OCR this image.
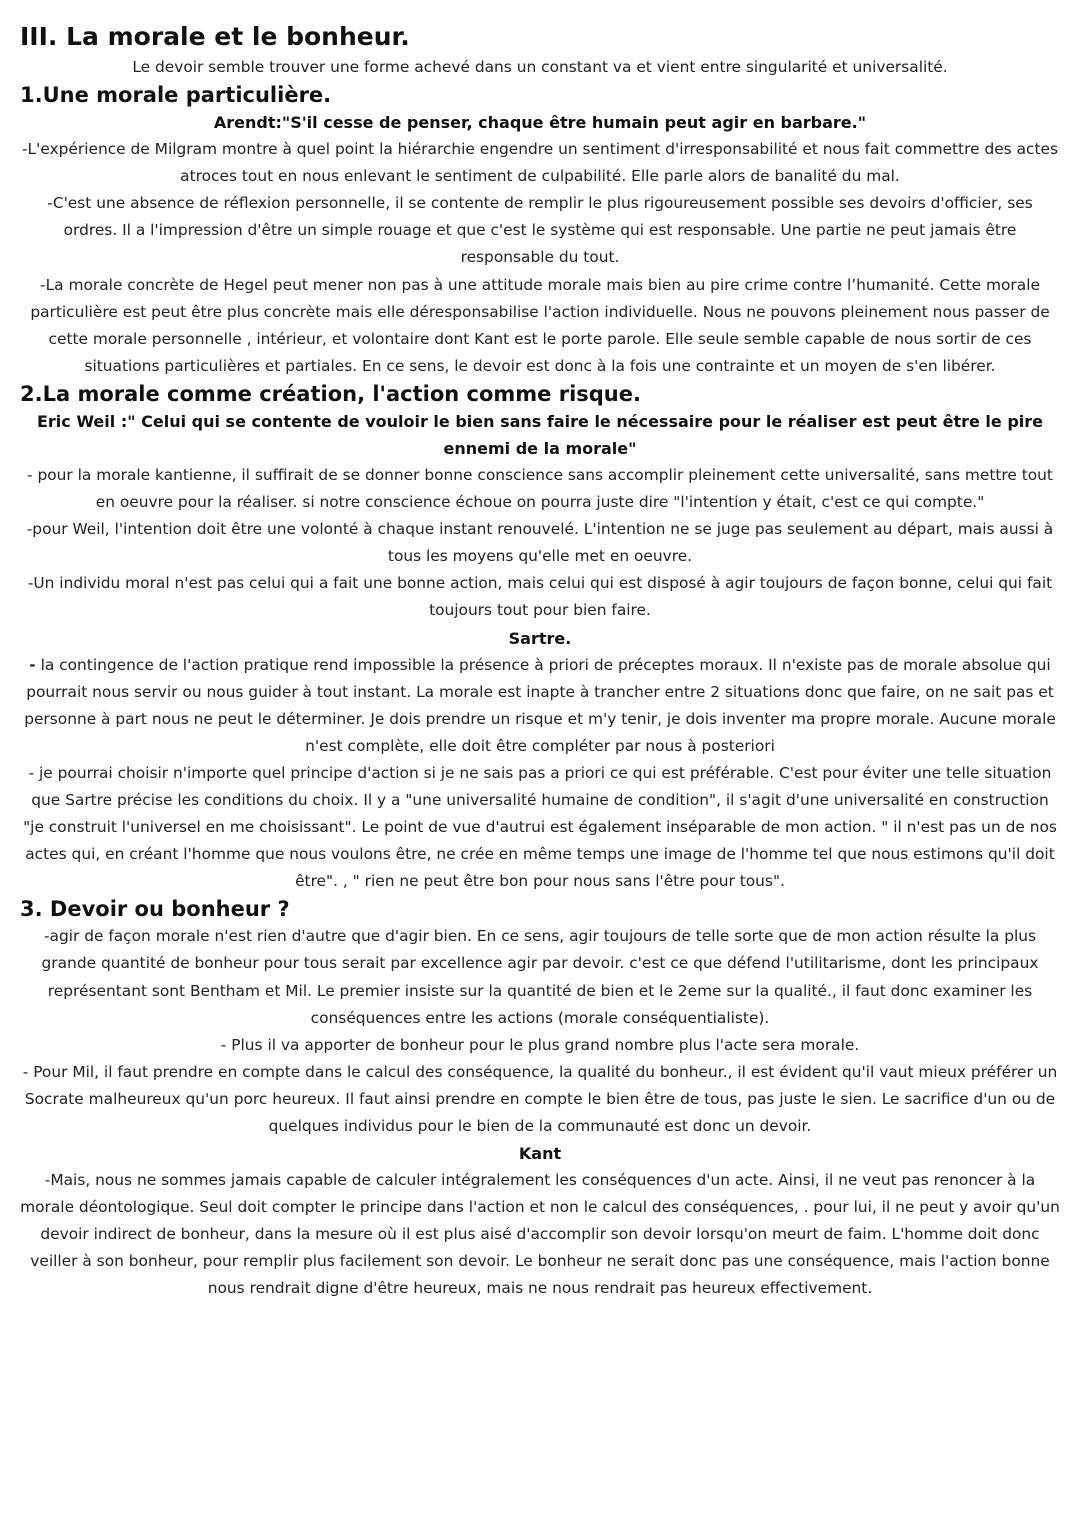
III. La morale et le bonheur.

Le devoir semble trouver une forme achevé dans un constant va et vient entre singularité et universalité.

1.Une morale particulière.

Arendt:"S'il cesse de penser, chaque être humain peut agir en barbare."

-L'expérience de Milgram montre à quel point la hiérarchie engendre un sentiment d'irresponsabilité et nous fait commettre des actes atroces tout en nous enlevant le sentiment de culpabilité. Elle parle alors de banalité du mal.

-C'est une absence de réflexion personnelle, il se contente de remplir le plus rigoureusement possible ses devoirs d'officier, ses ordres. Il a l'impression d'être un simple rouage et que c'est le système qui est responsable. Une partie ne peut jamais être responsable du tout.

-La morale concrète de Hegel peut mener non pas à une attitude morale mais bien au pire crime contre l’humanité. Cette morale particulière est peut être plus concrète mais elle déresponsabilise l'action individuelle. Nous ne pouvons pleinement nous passer de cette morale personnelle , intérieur, et volontaire dont Kant est le porte parole. Elle seule semble capable de nous sortir de ces situations particulières et partiales. En ce sens, le devoir est donc à la fois une contrainte et un moyen de s'en libérer.

2.La morale comme création, l'action comme risque.

Eric Weil :" Celui qui se contente de vouloir le bien sans faire le nécessaire pour le réaliser est peut être le pire ennemi de la morale"

- pour la morale kantienne, il suffirait de se donner bonne conscience sans accomplir pleinement cette universalité, sans mettre tout en oeuvre pour la réaliser. si notre conscience échoue on pourra juste dire "l'intention y était, c'est ce qui compte."

-pour Weil, l'intention doit être une volonté à chaque instant renouvelé. L'intention ne se juge pas seulement au départ, mais aussi à tous les moyens qu'elle met en oeuvre.

-Un individu moral n'est pas celui qui a fait une bonne action, mais celui qui est disposé à agir toujours de façon bonne, celui qui fait toujours tout pour bien faire.

Sartre.

- la contingence de l'action pratique rend impossible la présence à priori de préceptes moraux. Il n'existe pas de morale absolue qui pourrait nous servir ou nous guider à tout instant. La morale est inapte à trancher entre 2 situations donc que faire, on ne sait pas et personne à part nous ne peut le déterminer. Je dois prendre un risque et m'y tenir, je dois inventer ma propre morale. Aucune morale n'est complète, elle doit être compléter par nous à posteriori

- je pourrai choisir n'importe quel principe d'action si je ne sais pas a priori ce qui est préférable. C'est pour éviter une telle situation que Sartre précise les conditions du choix. Il y a "une universalité humaine de condition", il s'agit d'une universalité en construction "je construit l'universel en me choisissant". Le point de vue d'autrui est également inséparable de mon action. " il n'est pas un de nos actes qui, en créant l'homme que nous voulons être, ne crée en même temps une image de l'homme tel que nous estimons qu'il doit être". , " rien ne peut être bon pour nous sans l'être pour tous".

3. Devoir ou bonheur ?

-agir de façon morale n'est rien d'autre que d'agir bien. En ce sens, agir toujours de telle sorte que de mon action résulte la plus grande quantité de bonheur pour tous serait par excellence agir par devoir. c'est ce que défend l'utilitarisme, dont les principaux représentant sont Bentham et Mil. Le premier insiste sur la quantité de bien et le 2eme sur la qualité., il faut donc examiner les conséquences entre les actions (morale conséquentialiste).

- Plus il va apporter de bonheur pour le plus grand nombre plus l'acte sera morale.

- Pour Mil, il faut prendre en compte dans le calcul des conséquence, la qualité du bonheur., il est évident qu'il vaut mieux préférer un Socrate malheureux qu'un porc heureux. Il faut ainsi prendre en compte le bien être de tous, pas juste le sien. Le sacrifice d'un ou de quelques individus pour le bien de la communauté est donc un devoir.

Kant

-Mais, nous ne sommes jamais capable de calculer intégralement les conséquences d'un acte. Ainsi, il ne veut pas renoncer à la morale déontologique. Seul doit compter le principe dans l'action et non le calcul des conséquences, . pour lui, il ne peut y avoir qu'un devoir indirect de bonheur, dans la mesure où il est plus aisé d'accomplir son devoir lorsqu'on meurt de faim. L'homme doit donc veiller à son bonheur, pour remplir plus facilement son devoir. Le bonheur ne serait donc pas une conséquence, mais l'action bonne nous rendrait digne d'être heureux, mais ne nous rendrait pas heureux effectivement.
